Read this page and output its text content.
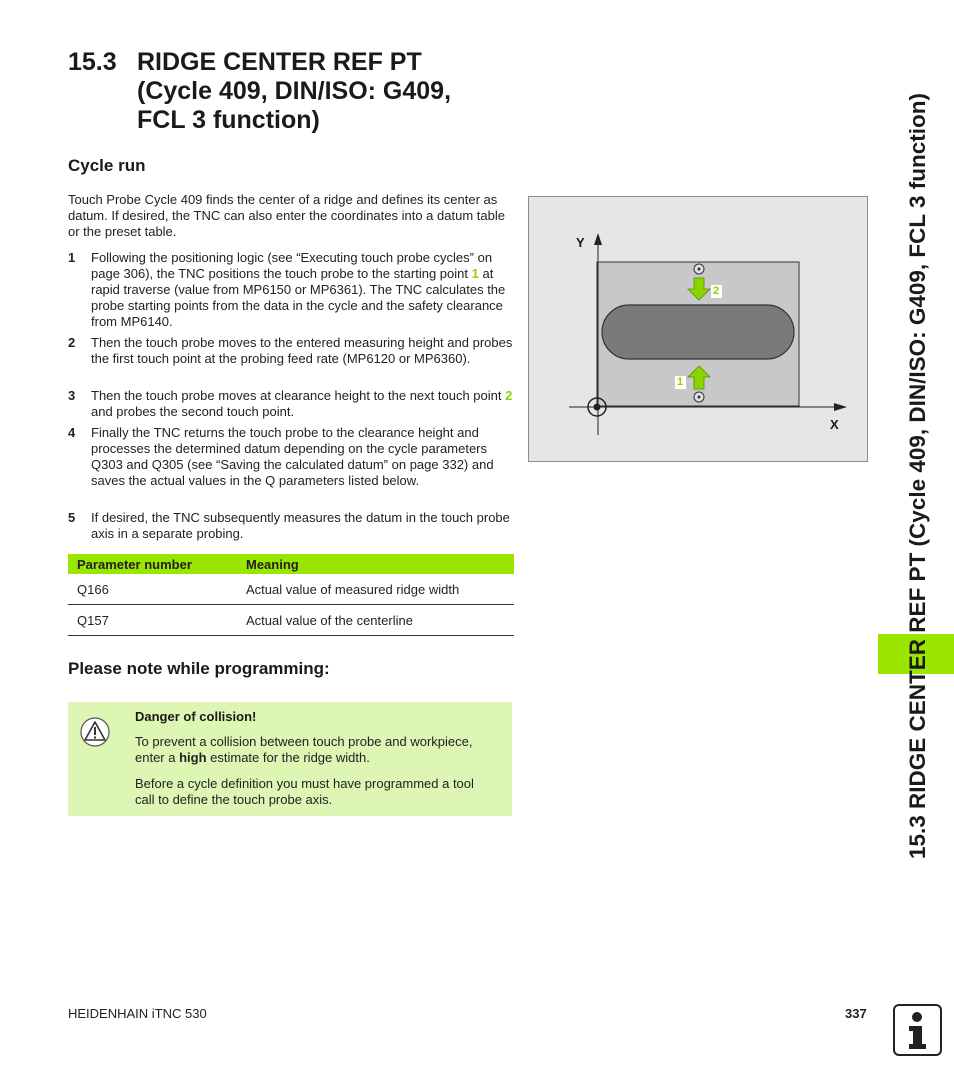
15.3 RIDGE CENTER REF PT
(Cycle 409, DIN/ISO: G409,
FCL 3 function)
Cycle run
Touch Probe Cycle 409 finds the center of a ridge and defines its center as datum. If desired, the TNC can also enter the coordinates into a datum table or the preset table.
1 Following the positioning logic (see “Executing touch probe cycles” on page 306), the TNC positions the touch probe to the starting point 1 at rapid traverse (value from MP6150 or MP6361). The TNC calculates the probe starting points from the data in the cycle and the safety clearance from MP6140.
2 Then the touch probe moves to the entered measuring height and probes the first touch point at the probing feed rate (MP6120 or MP6360).
3 Then the touch probe moves at clearance height to the next touch point 2 and probes the second touch point.
4 Finally the TNC returns the touch probe to the clearance height and processes the determined datum depending on the cycle parameters Q303 and Q305 (see “Saving the calculated datum” on page 332) and saves the actual values in the Q parameters listed below.
5 If desired, the TNC subsequently measures the datum in the touch probe axis in a separate probing.
Parameter number	Meaning
Q166	Actual value of measured ridge width
Q157	Actual value of the centerline
Please note while programming:
Danger of collision!
To prevent a collision between touch probe and workpiece, enter a high estimate for the ridge width.
Before a cycle definition you must have programmed a tool call to define the touch probe axis.
Y
X
2
1	15.3 RIDGE CENTER REF PT (Cycle 409, DIN/ISO: G409, FCL 3 function)
HEIDENHAIN iTNC 530	337
